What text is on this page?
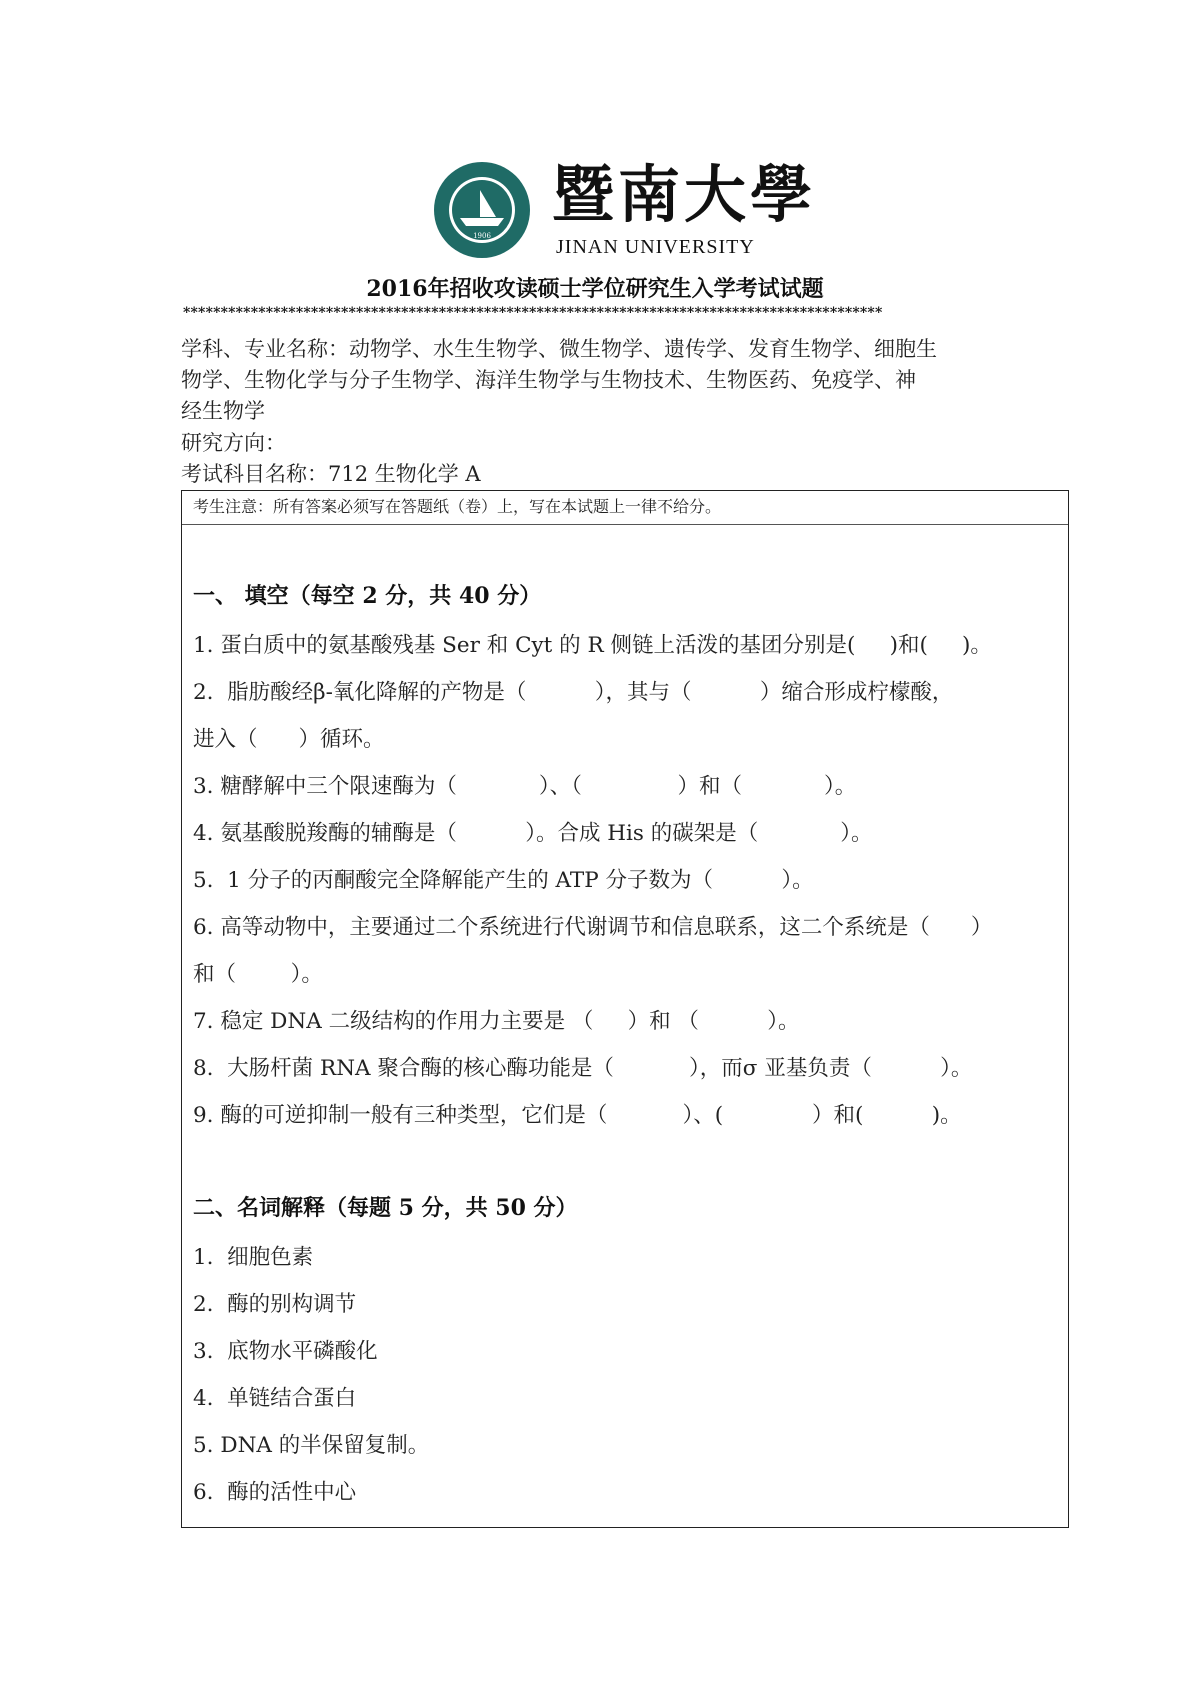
1906
暨南大學
JINAN UNIVERSITY
2016年招收攻读硕士学位研究生入学考试试题
*********************************************************************************************
学科、专业名称：动物学、水生生物学、微生物学、遗传学、发育生物学、细胞生
物学、生物化学与分子生物学、海洋生物学与生物技术、生物医药、免疫学、神
经生物学
研究方向：
考试科目名称：712 生物化学 A
考生注意：所有答案必须写在答题纸（卷）上，写在本试题上一律不给分。
一、 填空（每空 2 分，共 40 分）
1. 蛋白质中的氨基酸残基 Ser 和 Cyt 的 R 侧链上活泼的基团分别是(     )和(     )。
2.  脂肪酸经β-氧化降解的产物是（          ），其与（          ）缩合形成柠檬酸，
进入（      ）循环。
3. 糖酵解中三个限速酶为（            ）、（              ）和（            ）。
4. 氨基酸脱羧酶的辅酶是（          ）。合成 His 的碳架是（            ）。
5.  1 分子的丙酮酸完全降解能产生的 ATP 分子数为（          ）。
6. 高等动物中，主要通过二个系统进行代谢调节和信息联系，这二个系统是（      ）
和（        ）。
7. 稳定 DNA 二级结构的作用力主要是 （     ）和 （          ）。
8.  大肠杆菌 RNA 聚合酶的核心酶功能是（           ），而σ 亚基负责（          ）。
9. 酶的可逆抑制一般有三种类型，它们是（           ）、(             ）和(          )。
二、名词解释（每题 5 分，共 50 分）
1.  细胞色素
2.  酶的别构调节
3.  底物水平磷酸化
4.  单链结合蛋白
5. DNA 的半保留复制。
6.  酶的活性中心
